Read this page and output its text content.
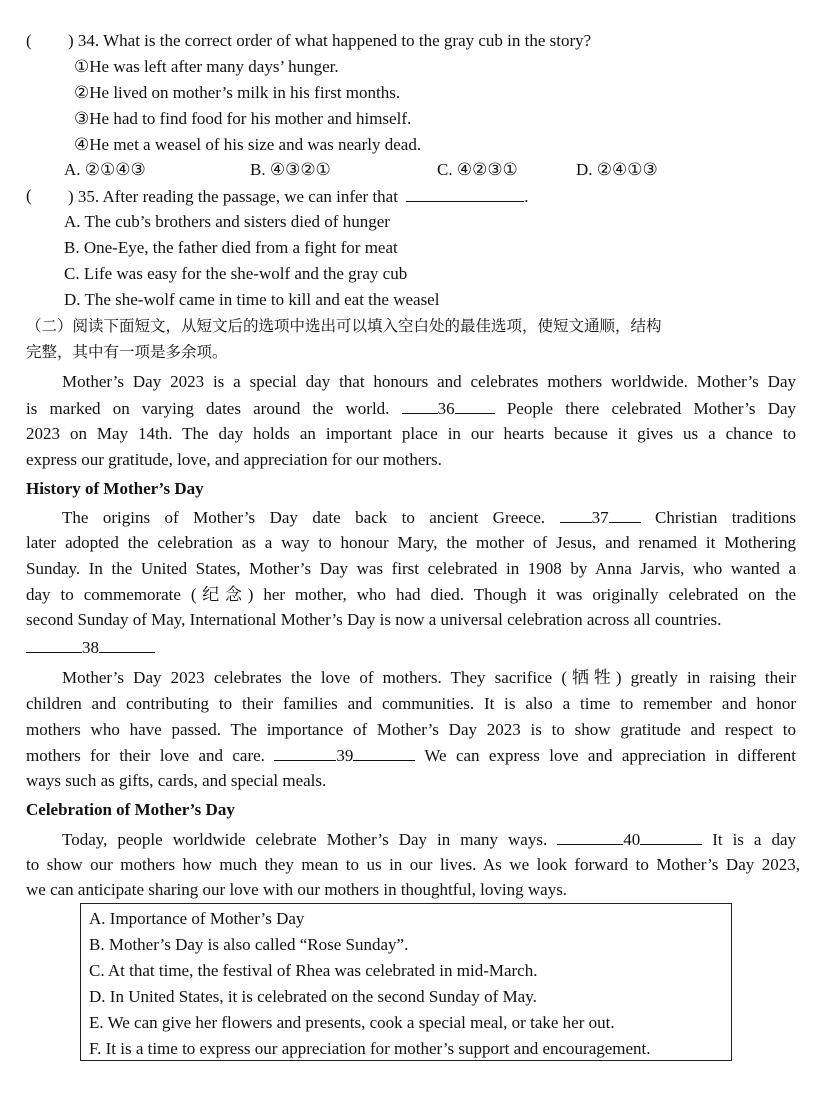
( ) 34. What is the correct order of what happened to the gray cub in the story?
①He was left after many days’ hunger.
②He lived on mother’s milk in his first months.
③He had to find food for his mother and himself.
④He met a weasel of his size and was nearly dead.
A. ②①④③	B. ④③②①	C. ④②③①	D. ②④①③
( ) 35. After reading the passage, we can infer that	.
A. The cub’s brothers and sisters died of hunger
B. One-Eye, the father died from a fight for meat
C. Life was easy for the she-wolf and the gray cub
D. The she-wolf came in time to kill and eat the weasel
（二）阅读下面短文，从短文后的选项中选出可以填入空白处的最佳选项，使短文通顺，结构
完整，其中有一项是多余项。
Mother’s Day 2023 is a special day that honours and celebrates mothers worldwide. Mother’s Day
is marked on varying dates around the world.	36	People there celebrated Mother’s Day
2023 on May 14th. The day holds an important place in our hearts because it gives us a chance to
express our gratitude, love, and appreciation for our mothers.
History of Mother’s Day
The origins of Mother’s Day date back to ancient Greece.	37	Christian traditions
later adopted the celebration as a way to honour Mary, the mother of Jesus, and renamed it Mothering
Sunday. In the United States, Mother’s Day was first celebrated in 1908 by Anna Jarvis, who wanted a
day to commemorate (纪念) her mother, who had died. Though it was originally celebrated on the
second Sunday of May, International Mother’s Day is now a universal celebration across all countries.
38
Mother’s Day 2023 celebrates the love of mothers. They sacrifice (牺牲) greatly in raising their
children and contributing to their families and communities. It is also a time to remember and honor
mothers who have passed. The importance of Mother’s Day 2023 is to show gratitude and respect to
mothers for their love and care.	39	We can express love and appreciation in different
ways such as gifts, cards, and special meals.
Celebration of Mother’s Day
Today, people worldwide celebrate Mother’s Day in many ways.	40	It is a day
to show our mothers how much they mean to us in our lives. As we look forward to Mother’s Day 2023,
we can anticipate sharing our love with our mothers in thoughtful, loving ways.
A. Importance of Mother’s Day
B. Mother’s Day is also called “Rose Sunday”.
C. At that time, the festival of Rhea was celebrated in mid-March.
D. In United States, it is celebrated on the second Sunday of May.
E. We can give her flowers and presents, cook a special meal, or take her out.
F. It is a time to express our appreciation for mother’s support and encouragement.
